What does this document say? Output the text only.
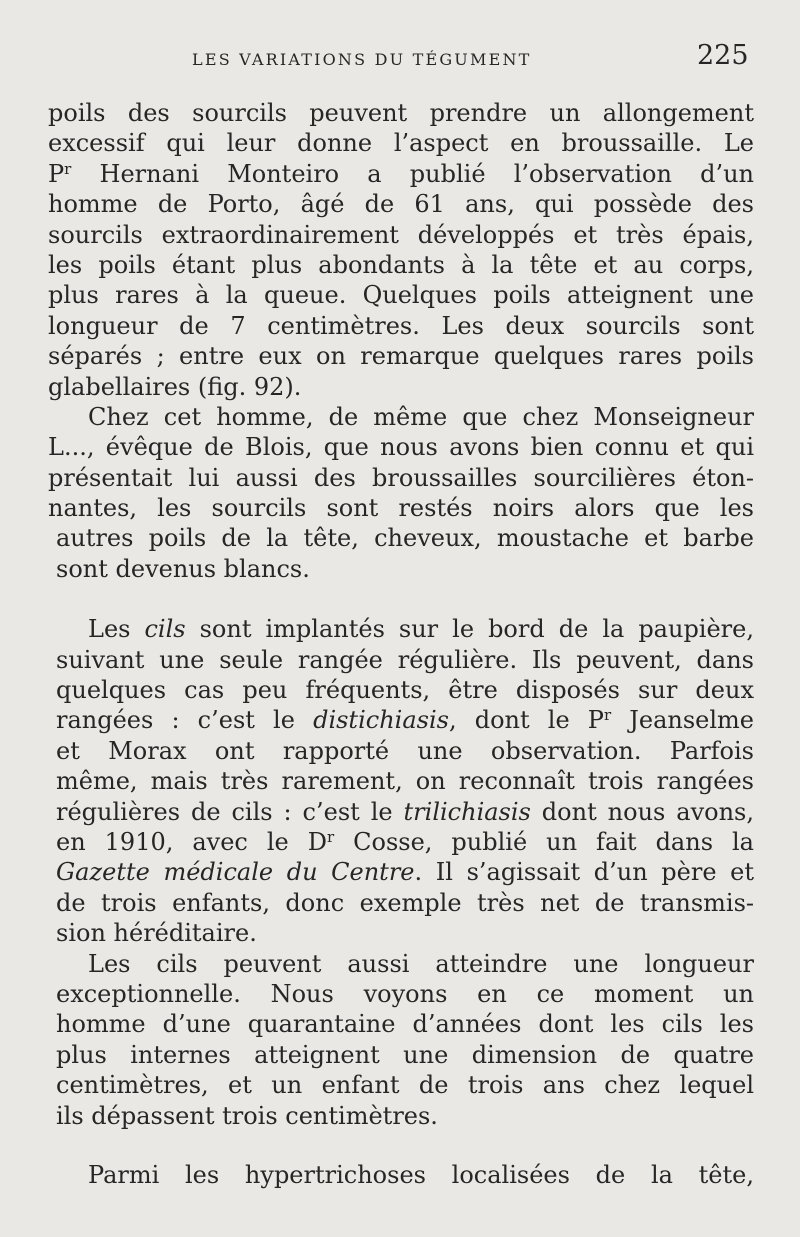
LES VARIATIONS DU TÉGUMENT	225
poils des sourcils peuvent prendre un allongement
excessif qui leur donne l’aspect en broussaille. Le
$P^r$ Hernani Monteiro a publié l’observation d’un
homme de Porto, âgé de 61 ans, qui possède des
sourcils extraordinairement développés et très épais,
les poils étant plus abondants à la tête et au corps,
plus rares à la queue. Quelques poils atteignent une
longueur de 7 centimètres. Les deux sourcils sont
séparés ; entre eux on remarque quelques rares poils
glabellaires (fig. 92).
Chez cet homme, de même que chez Monseigneur
L..., évêque de Blois, que nous avons bien connu et qui
présentait lui aussi des broussailles sourcilières éton-
nantes, les sourcils sont restés noirs alors que les
autres poils de la tête, cheveux, moustache et barbe
sont devenus blancs.
Les cils sont implantés sur le bord de la paupière,
suivant une seule rangée régulière. Ils peuvent, dans
quelques cas peu fréquents, être disposés sur deux
rangées : c’est le distichiasis, dont le $P^r$ Jeanselme
et Morax ont rapporté une observation. Parfois
même, mais très rarement, on reconnaît trois rangées
régulières de cils : c’est le trilichiasis dont nous avons,
en 1910, avec le $D^r$ Cosse, publié un fait dans la
Gazette médicale du Centre. Il s’agissait d’un père et
de trois enfants, donc exemple très net de transmis-
sion héréditaire.
Les cils peuvent aussi atteindre une longueur
exceptionnelle. Nous voyons en ce moment un
homme d’une quarantaine d’années dont les cils les
plus internes atteignent une dimension de quatre
centimètres, et un enfant de trois ans chez lequel
ils dépassent trois centimètres.
Parmi les hypertrichoses localisées de la tête,
